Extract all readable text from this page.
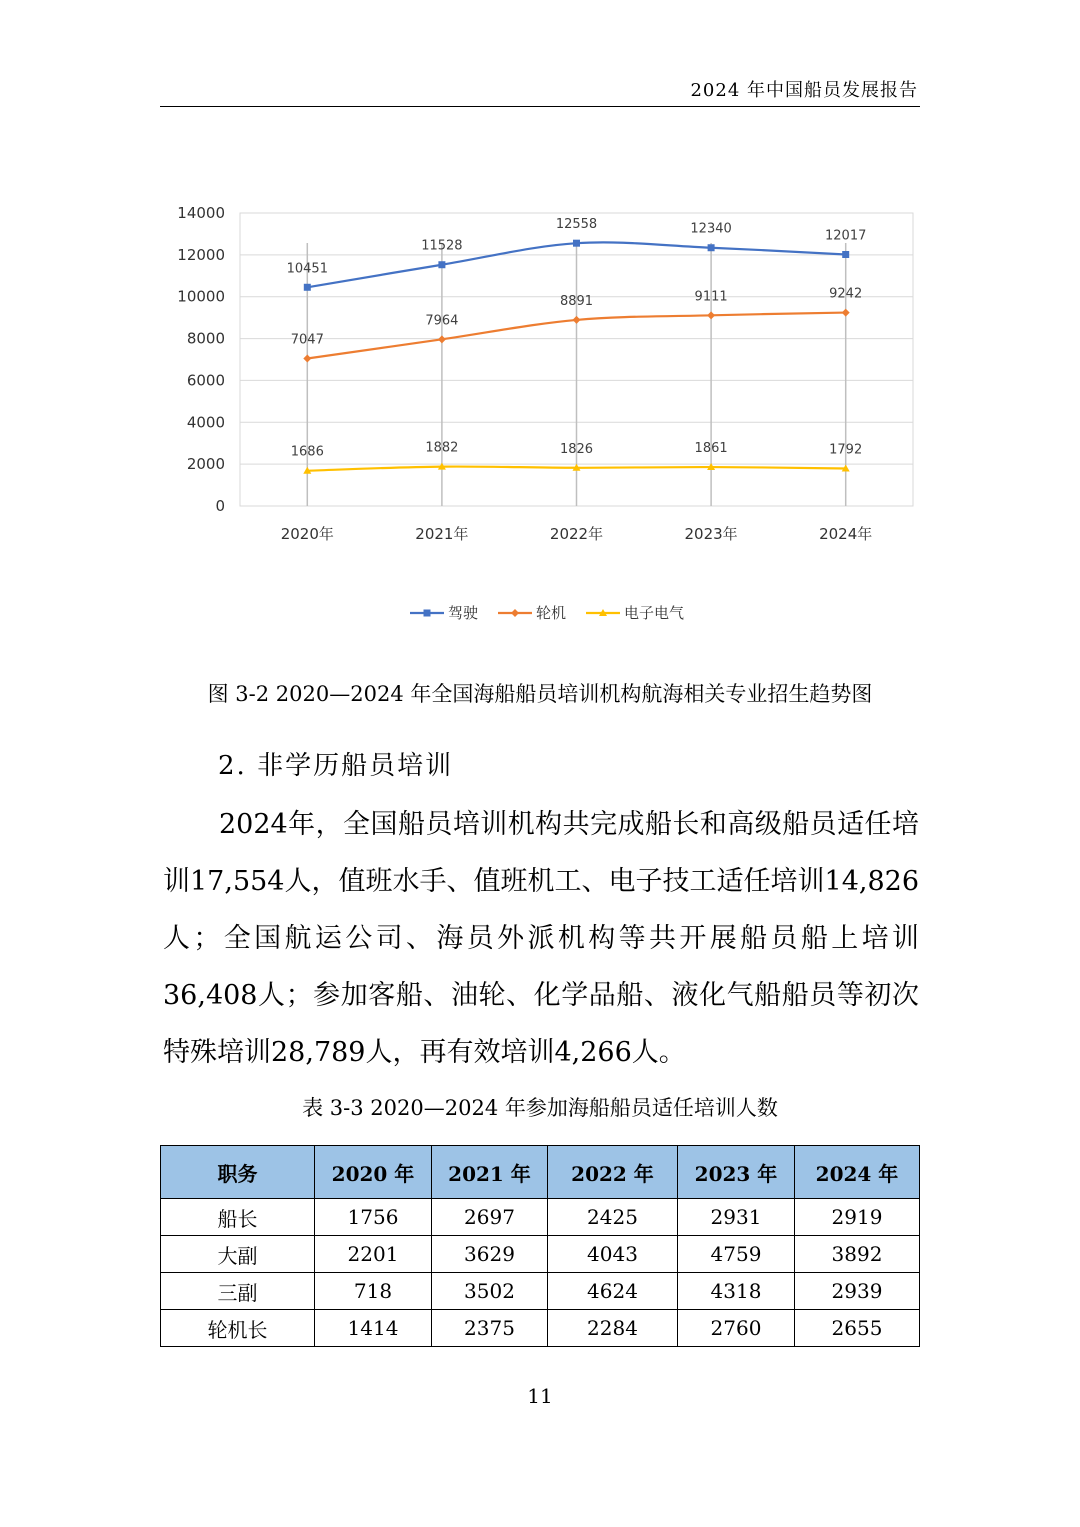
2024 年中国船员发展报告
0
2000
4000
6000
8000
10000
12000
14000
2020年	2021年	2022年	2023年	2024年
10451
11528
12558	12340	12017
7047
7964
8891	9111	9242
1686	1882	1826	1861	1792
驾驶	轮机	电子电气
图 3-2 2020—2024 年全国海船船员培训机构航海相关专业招生趋势图
2. 非学历船员培训
2024年，全国船员培训机构共完成船长和高级船员适任培训17,554人，值班水手、值班机工、电子技工适任培训14,826人；全国航运公司、海员外派机构等共开展船员船上培训36,408人；参加客船、油轮、化学品船、液化气船船员等初次特殊培训28,789人，再有效培训4,266人。
表 3-3 2020—2024 年参加海船船员适任培训人数
职务	2020 年	2021 年	2022 年	2023 年	2024 年
船长	1756	2697	2425	2931	2919
大副	2201	3629	4043	4759	3892
三副	718	3502	4624	4318	2939
轮机长	1414	2375	2284	2760	2655
11
